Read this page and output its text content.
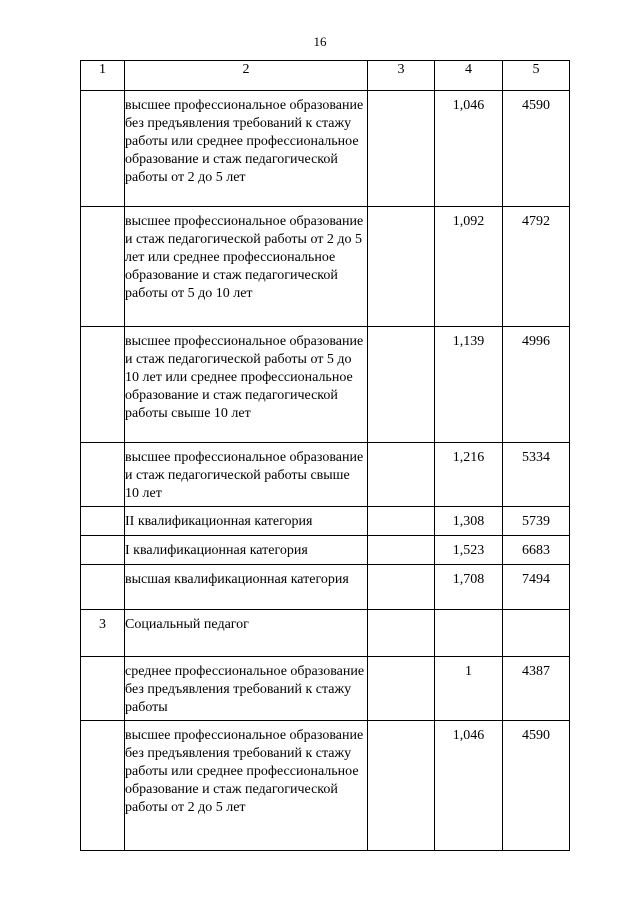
16
1	2	3	4	5

	высшее профессиональное образование без предъявления требований к стажу работы или среднее профессиональное образование и стаж педагогической работы от 2 до 5 лет		1,046	4590

	высшее профессиональное образование и стаж педагогической работы от 2 до 5 лет или среднее профессиональное образование и стаж педагогической работы от 5 до 10 лет		1,092	4792

	высшее профессиональное образование и стаж педагогической работы от 5 до 10 лет или среднее профессиональное образование и стаж педагогической работы свыше 10 лет		1,139	4996

	высшее профессиональное образование и стаж педагогической работы свыше 10 лет		1,216	5334

	II квалификационная категория		1,308	5739

	I квалификационная категория		1,523	6683

	высшая квалификационная категория		1,708	7494

3	Социальный педагог			

	среднее профессиональное образование без предъявления требований к стажу работы		1	4387

	высшее профессиональное образование без предъявления требований к стажу работы или среднее профессиональное образование и стаж педагогической работы от 2 до 5 лет		1,046	4590
